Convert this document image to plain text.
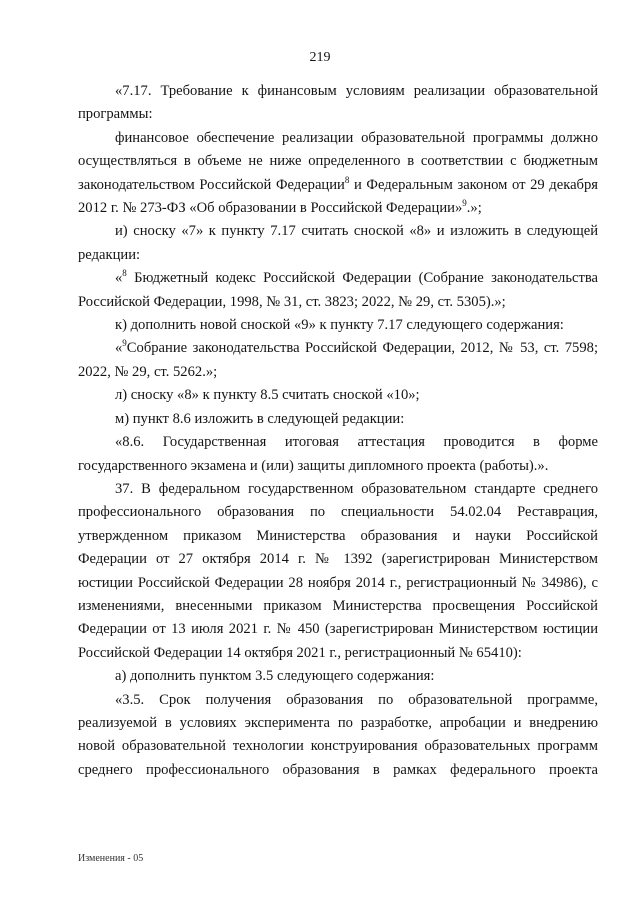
219

«7.17. Требование к финансовым условиям реализации образовательной программы:

финансовое обеспечение реализации образовательной программы должно осуществляться в объеме не ниже определенного в соответствии с бюджетным законодательством Российской Федерации$^8$ и Федеральным законом от 29 декабря 2012 г. № 273-ФЗ «Об образовании в Российской Федерации»$^9$.»;

и) сноску «7» к пункту 7.17 считать сноской «8» и изложить в следующей редакции:

«$^8$ Бюджетный кодекс Российской Федерации (Собрание законодательства Российской Федерации, 1998, № 31, ст. 3823; 2022, № 29, ст. 5305).»;

к) дополнить новой сноской «9» к пункту 7.17 следующего содержания:

«$^9$Собрание законодательства Российской Федерации, 2012, № 53, ст. 7598; 2022, № 29, ст. 5262.»;

л) сноску «8» к пункту 8.5 считать сноской «10»;

м) пункт 8.6 изложить в следующей редакции:

«8.6. Государственная итоговая аттестация проводится в форме государственного экзамена и (или) защиты дипломного проекта (работы).».

37. В федеральном государственном образовательном стандарте среднего профессионального образования по специальности 54.02.04 Реставрация, утвержденном приказом Министерства образования и науки Российской Федерации от 27 октября 2014 г. № 1392 (зарегистрирован Министерством юстиции Российской Федерации 28 ноября 2014 г., регистрационный № 34986), с изменениями, внесенными приказом Министерства просвещения Российской Федерации от 13 июля 2021 г. № 450 (зарегистрирован Министерством юстиции Российской Федерации 14 октября 2021 г., регистрационный № 65410):

а) дополнить пунктом 3.5 следующего содержания:

«3.5. Срок получения образования по образовательной программе, реализуемой в условиях эксперимента по разработке, апробации и внедрению новой образовательной технологии конструирования образовательных программ среднего профессионального образования в рамках федерального проекта

Изменения - 05
